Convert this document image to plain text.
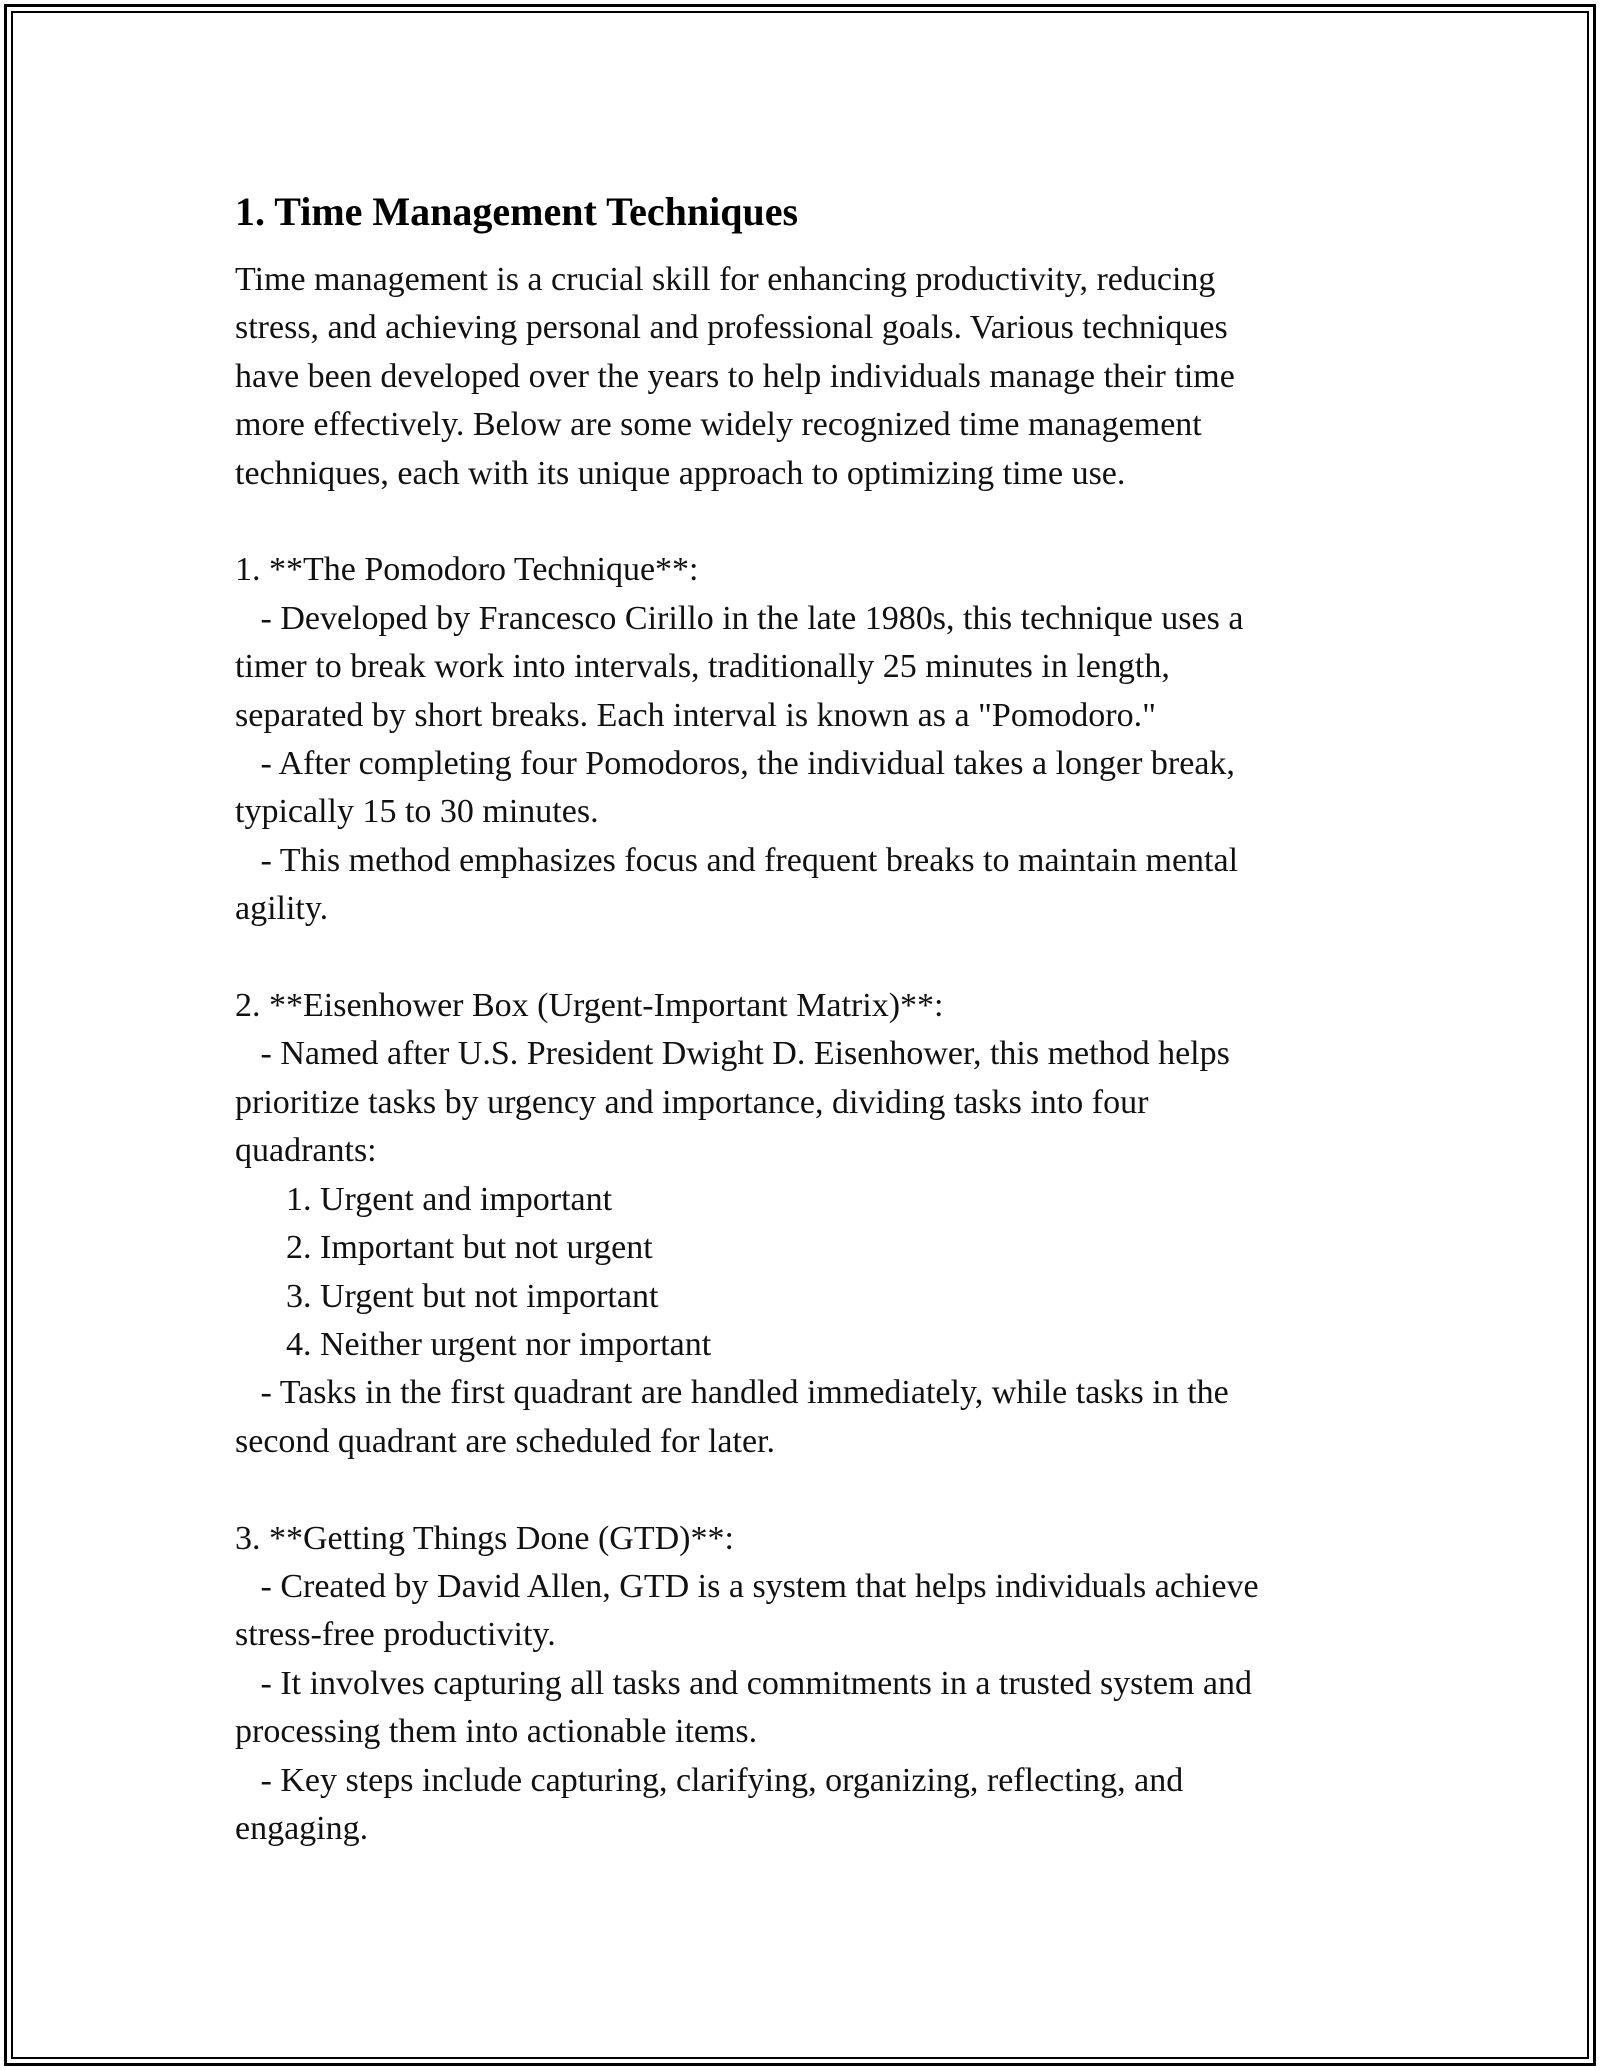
1. Time Management Techniques

Time management is a crucial skill for enhancing productivity, reducing
stress, and achieving personal and professional goals. Various techniques
have been developed over the years to help individuals manage their time
more effectively. Below are some widely recognized time management
techniques, each with its unique approach to optimizing time use.

1. **The Pomodoro Technique**:

- Developed by Francesco Cirillo in the late 1980s, this technique uses a
timer to break work into intervals, traditionally 25 minutes in length,
separated by short breaks. Each interval is known as a "Pomodoro."

- After completing four Pomodoros, the individual takes a longer break,
typically 15 to 30 minutes.

- This method emphasizes focus and frequent breaks to maintain mental
agility.

2. **Eisenhower Box (Urgent-Important Matrix)**:

- Named after U.S. President Dwight D. Eisenhower, this method helps
prioritize tasks by urgency and importance, dividing tasks into four
quadrants:

1. Urgent and important

2. Important but not urgent

3. Urgent but not important

4. Neither urgent nor important

- Tasks in the first quadrant are handled immediately, while tasks in the
second quadrant are scheduled for later.

3. **Getting Things Done (GTD)**:

- Created by David Allen, GTD is a system that helps individuals achieve
stress-free productivity.

- It involves capturing all tasks and commitments in a trusted system and
processing them into actionable items.

- Key steps include capturing, clarifying, organizing, reflecting, and
engaging.
